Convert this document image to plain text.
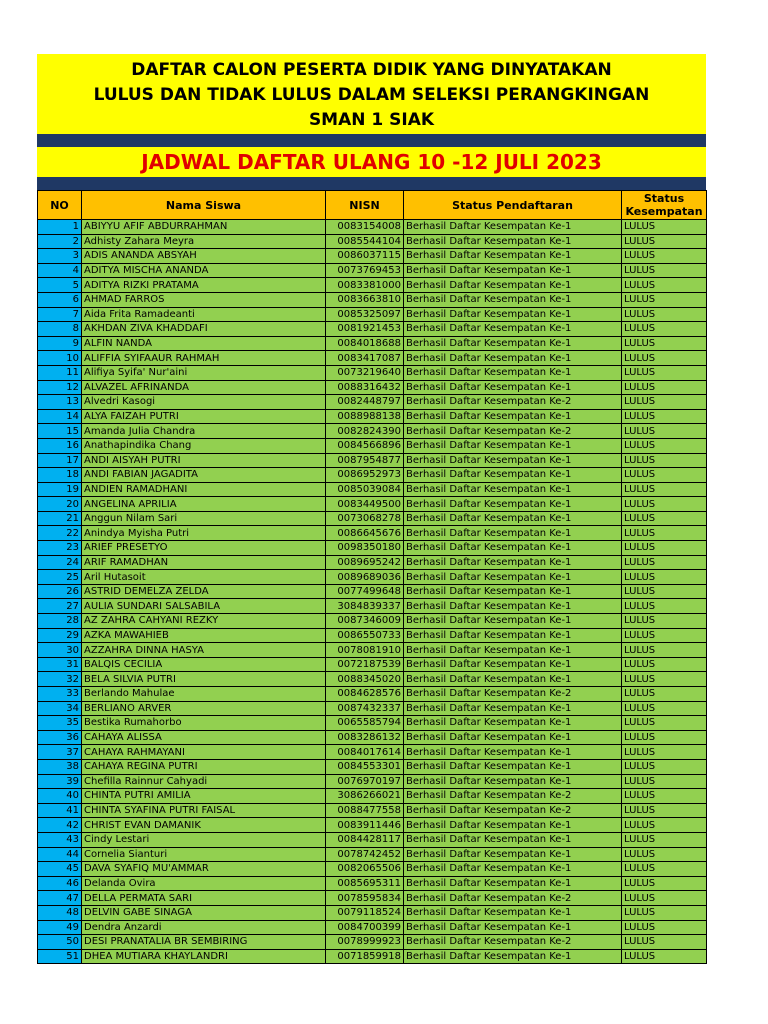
DAFTAR CALON PESERTA DIDIK YANG DINYATAKAN
LULUS DAN TIDAK LULUS DALAM SELEKSI PERANGKINGAN
SMAN 1 SIAK
JADWAL DAFTAR ULANG 10 -12 JULI 2023
NO	Nama Siswa	NISN	Status Pendaftaran	Status Kesempatan
1	ABIYYU AFIF ABDURRAHMAN	0083154008	Berhasil Daftar Kesempatan Ke-1	LULUS
2	Adhisty Zahara Meyra	0085544104	Berhasil Daftar Kesempatan Ke-1	LULUS
3	ADIS ANANDA ABSYAH	0086037115	Berhasil Daftar Kesempatan Ke-1	LULUS
4	ADITYA MISCHA ANANDA	0073769453	Berhasil Daftar Kesempatan Ke-1	LULUS
5	ADITYA RIZKI PRATAMA	0083381000	Berhasil Daftar Kesempatan Ke-1	LULUS
6	AHMAD FARROS	0083663810	Berhasil Daftar Kesempatan Ke-1	LULUS
7	Aida Frita Ramadeanti	0085325097	Berhasil Daftar Kesempatan Ke-1	LULUS
8	AKHDAN ZIVA KHADDAFI	0081921453	Berhasil Daftar Kesempatan Ke-1	LULUS
9	ALFIN NANDA	0084018688	Berhasil Daftar Kesempatan Ke-1	LULUS
10	ALIFFIA SYIFAAUR RAHMAH	0083417087	Berhasil Daftar Kesempatan Ke-1	LULUS
11	Alifiya Syifa' Nur'aini	0073219640	Berhasil Daftar Kesempatan Ke-1	LULUS
12	ALVAZEL AFRINANDA	0088316432	Berhasil Daftar Kesempatan Ke-1	LULUS
13	Alvedri Kasogi	0082448797	Berhasil Daftar Kesempatan Ke-2	LULUS
14	ALYA FAIZAH PUTRI	0088988138	Berhasil Daftar Kesempatan Ke-1	LULUS
15	Amanda Julia Chandra	0082824390	Berhasil Daftar Kesempatan Ke-2	LULUS
16	Anathapindika Chang	0084566896	Berhasil Daftar Kesempatan Ke-1	LULUS
17	ANDI AISYAH PUTRI	0087954877	Berhasil Daftar Kesempatan Ke-1	LULUS
18	ANDI FABIAN JAGADITA	0086952973	Berhasil Daftar Kesempatan Ke-1	LULUS
19	ANDIEN RAMADHANI	0085039084	Berhasil Daftar Kesempatan Ke-1	LULUS
20	ANGELINA APRILIA	0083449500	Berhasil Daftar Kesempatan Ke-1	LULUS
21	Anggun Nilam Sari	0073068278	Berhasil Daftar Kesempatan Ke-1	LULUS
22	Anindya Myisha Putri	0086645676	Berhasil Daftar Kesempatan Ke-1	LULUS
23	ARIEF PRESETYO	0098350180	Berhasil Daftar Kesempatan Ke-1	LULUS
24	ARIF RAMADHAN	0089695242	Berhasil Daftar Kesempatan Ke-1	LULUS
25	Aril Hutasoit	0089689036	Berhasil Daftar Kesempatan Ke-1	LULUS
26	ASTRID DEMELZA ZELDA	0077499648	Berhasil Daftar Kesempatan Ke-1	LULUS
27	AULIA SUNDARI SALSABILA	3084839337	Berhasil Daftar Kesempatan Ke-1	LULUS
28	AZ ZAHRA CAHYANI REZKY	0087346009	Berhasil Daftar Kesempatan Ke-1	LULUS
29	AZKA MAWAHIEB	0086550733	Berhasil Daftar Kesempatan Ke-1	LULUS
30	AZZAHRA DINNA HASYA	0078081910	Berhasil Daftar Kesempatan Ke-1	LULUS
31	BALQIS CECILIA	0072187539	Berhasil Daftar Kesempatan Ke-1	LULUS
32	BELA SILVIA PUTRI	0088345020	Berhasil Daftar Kesempatan Ke-1	LULUS
33	Berlando Mahulae	0084628576	Berhasil Daftar Kesempatan Ke-2	LULUS
34	BERLIANO ARVER	0087432337	Berhasil Daftar Kesempatan Ke-1	LULUS
35	Bestika Rumahorbo	0065585794	Berhasil Daftar Kesempatan Ke-1	LULUS
36	CAHAYA ALISSA	0083286132	Berhasil Daftar Kesempatan Ke-1	LULUS
37	CAHAYA RAHMAYANI	0084017614	Berhasil Daftar Kesempatan Ke-1	LULUS
38	CAHAYA REGINA PUTRI	0084553301	Berhasil Daftar Kesempatan Ke-1	LULUS
39	Chefilla Rainnur Cahyadi	0076970197	Berhasil Daftar Kesempatan Ke-1	LULUS
40	CHINTA PUTRI AMILIA	3086266021	Berhasil Daftar Kesempatan Ke-2	LULUS
41	CHINTA SYAFINA PUTRI FAISAL	0088477558	Berhasil Daftar Kesempatan Ke-2	LULUS
42	CHRIST EVAN DAMANIK	0083911446	Berhasil Daftar Kesempatan Ke-1	LULUS
43	Cindy Lestari	0084428117	Berhasil Daftar Kesempatan Ke-1	LULUS
44	Cornelia Sianturi	0078742452	Berhasil Daftar Kesempatan Ke-1	LULUS
45	DAVA SYAFIQ MU'AMMAR	0082065506	Berhasil Daftar Kesempatan Ke-1	LULUS
46	Delanda Ovira	0085695311	Berhasil Daftar Kesempatan Ke-1	LULUS
47	DELLA PERMATA SARI	0078595834	Berhasil Daftar Kesempatan Ke-2	LULUS
48	DELVIN GABE SINAGA	0079118524	Berhasil Daftar Kesempatan Ke-1	LULUS
49	Dendra Anzardi	0084700399	Berhasil Daftar Kesempatan Ke-1	LULUS
50	DESI PRANATALIA BR SEMBIRING	0078999923	Berhasil Daftar Kesempatan Ke-2	LULUS
51	DHEA MUTIARA KHAYLANDRI	0071859918	Berhasil Daftar Kesempatan Ke-1	LULUS
